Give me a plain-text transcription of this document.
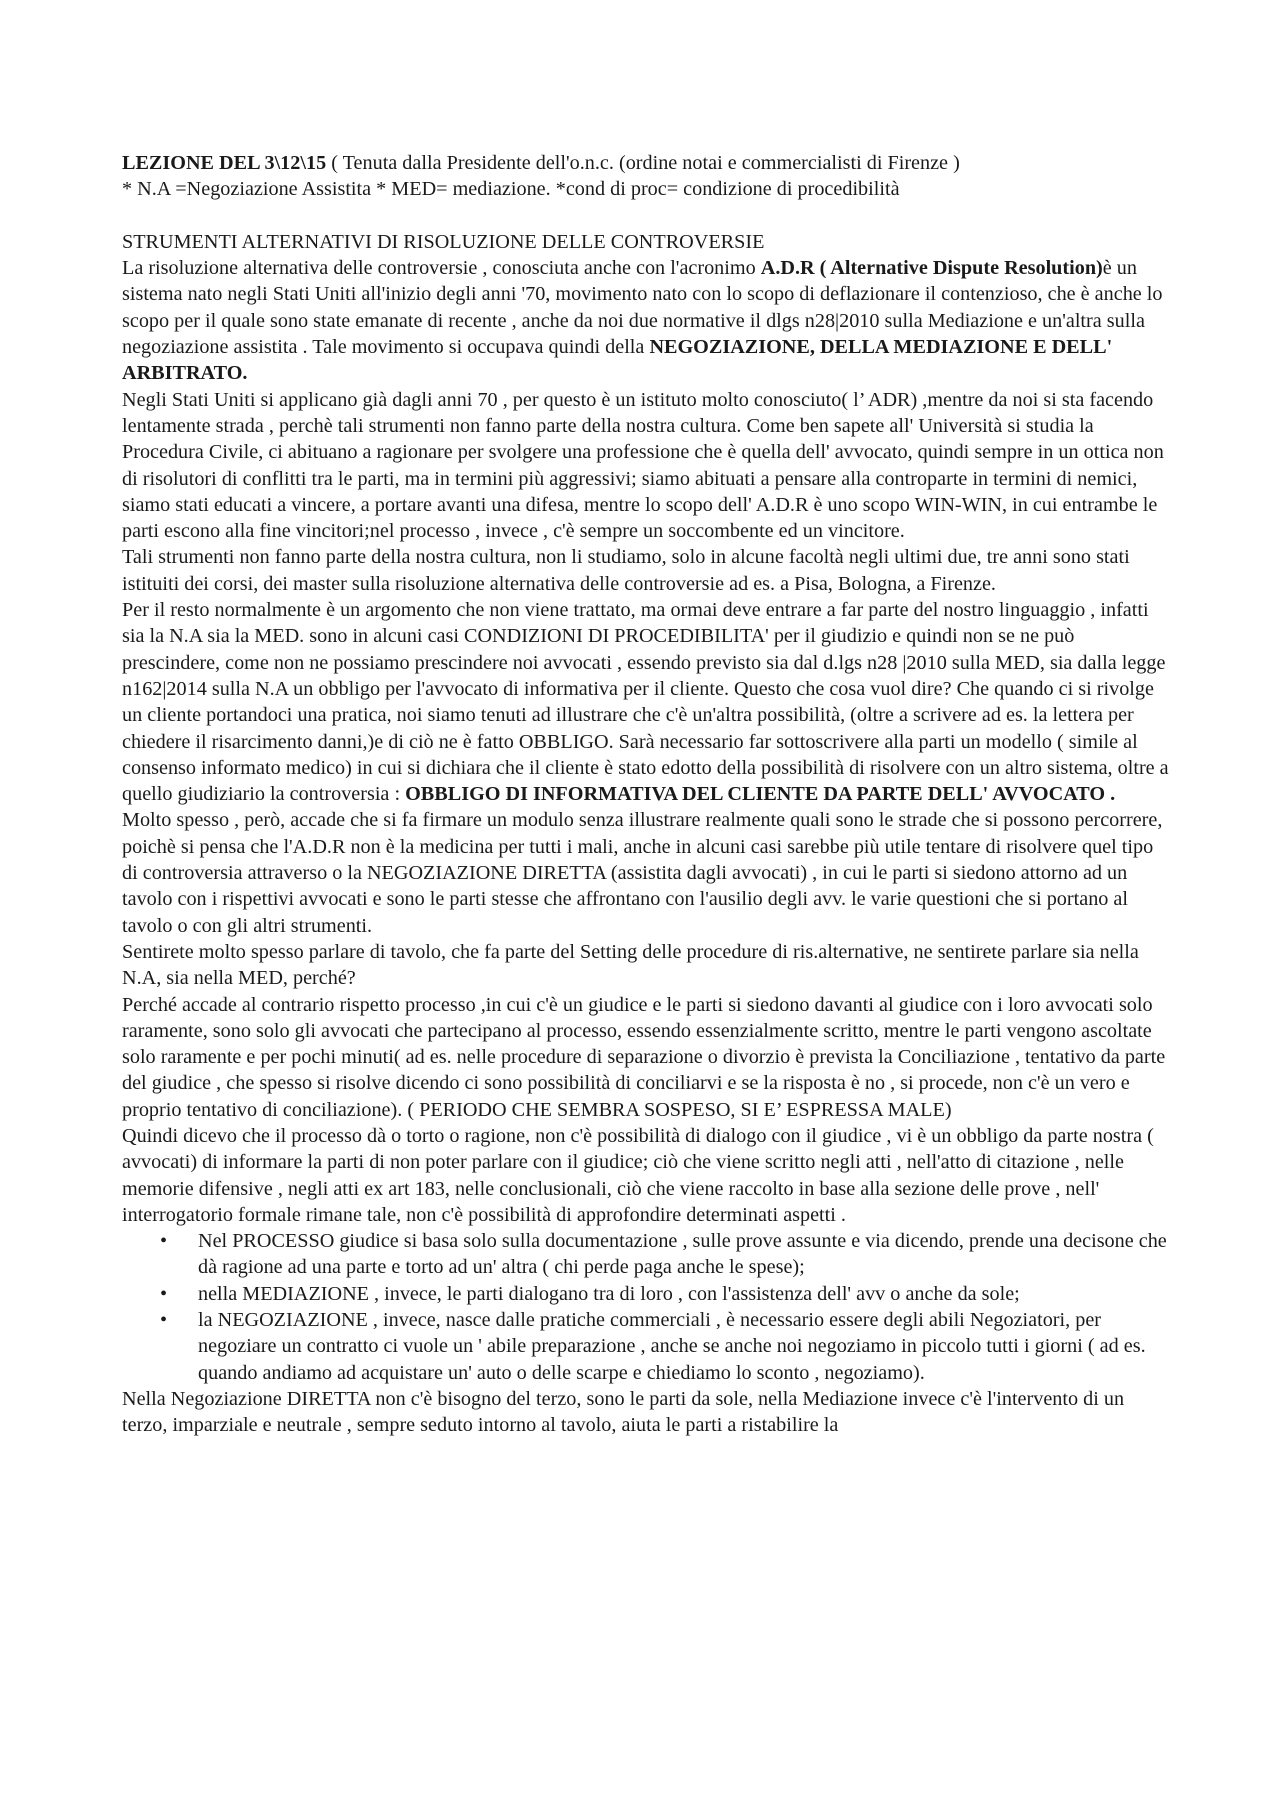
LEZIONE DEL 3\12\15 ( Tenuta dalla Presidente dell'o.n.c. (ordine notai e commercialisti di Firenze )

* N.A =Negoziazione Assistita * MED= mediazione. *cond di proc= condizione di procedibilità

STRUMENTI ALTERNATIVI DI RISOLUZIONE DELLE CONTROVERSIE

La risoluzione alternativa delle controversie , conosciuta anche con l'acronimo A.D.R ( Alternative Dispute Resolution)è un sistema nato negli Stati Uniti all'inizio degli anni '70, movimento nato con lo scopo di deflazionare il contenzioso, che è anche lo scopo per il quale sono state emanate di recente , anche da noi due normative il dlgs n28|2010 sulla Mediazione e un'altra sulla negoziazione assistita . Tale movimento si occupava quindi della NEGOZIAZIONE, DELLA MEDIAZIONE E DELL' ARBITRATO.

Negli Stati Uniti si applicano già dagli anni 70 , per questo è un istituto molto conosciuto( l’ ADR) ,mentre da noi si sta facendo lentamente strada , perchè tali strumenti non fanno parte della nostra cultura. Come ben sapete all' Università si studia la Procedura Civile, ci abituano a ragionare per svolgere una professione che è quella dell' avvocato, quindi sempre in un ottica non di risolutori di conflitti tra le parti, ma in termini più aggressivi; siamo abituati a pensare alla controparte in termini di nemici, siamo stati educati a vincere, a portare avanti una difesa, mentre lo scopo dell' A.D.R è uno scopo WIN-WIN, in cui entrambe le parti escono alla fine vincitori;nel processo , invece , c'è sempre un soccombente ed un vincitore.

Tali strumenti non fanno parte della nostra cultura, non li studiamo, solo in alcune facoltà negli ultimi due, tre anni sono stati istituiti dei corsi, dei master sulla risoluzione alternativa delle controversie ad es. a Pisa, Bologna, a Firenze.

Per il resto normalmente è un argomento che non viene trattato, ma ormai deve entrare a far parte del nostro linguaggio , infatti sia la N.A sia la MED. sono in alcuni casi CONDIZIONI DI PROCEDIBILITA' per il giudizio e quindi non se ne può prescindere, come non ne possiamo prescindere noi avvocati , essendo previsto sia dal d.lgs n28 |2010 sulla MED, sia dalla legge n162|2014 sulla N.A un obbligo per l'avvocato di informativa per il cliente. Questo che cosa vuol dire? Che quando ci si rivolge un cliente portandoci una pratica, noi siamo tenuti ad illustrare che c'è un'altra possibilità, (oltre a scrivere ad es. la lettera per chiedere il risarcimento danni,)e di ciò ne è fatto OBBLIGO. Sarà necessario far sottoscrivere alla parti un modello ( simile al consenso informato medico) in cui si dichiara che il cliente è stato edotto della possibilità di risolvere con un altro sistema, oltre a quello giudiziario la controversia : OBBLIGO DI INFORMATIVA DEL CLIENTE DA PARTE DELL' AVVOCATO .

Molto spesso , però, accade che si fa firmare un modulo senza illustrare realmente quali sono le strade che si possono percorrere, poichè si pensa che l'A.D.R non è la medicina per tutti i mali, anche in alcuni casi sarebbe più utile tentare di risolvere quel tipo di controversia attraverso o la NEGOZIAZIONE DIRETTA (assistita dagli avvocati) , in cui le parti si siedono attorno ad un tavolo con i rispettivi avvocati e sono le parti stesse che affrontano con l'ausilio degli avv. le varie questioni che si portano al tavolo o con gli altri strumenti.

Sentirete molto spesso parlare di tavolo, che fa parte del Setting delle procedure di ris.alternative, ne sentirete parlare sia nella N.A, sia nella MED, perché?

Perché accade al contrario rispetto processo ,in cui c'è un giudice e le parti si siedono davanti al giudice con i loro avvocati solo raramente, sono solo gli avvocati che partecipano al processo, essendo essenzialmente scritto, mentre le parti vengono ascoltate solo raramente e per pochi minuti( ad es. nelle procedure di separazione o divorzio è prevista la Conciliazione , tentativo da parte del giudice , che spesso si risolve dicendo ci sono possibilità di conciliarvi e se la risposta è no , si procede, non c'è un vero e proprio tentativo di conciliazione). ( PERIODO CHE SEMBRA SOSPESO, SI E’ ESPRESSA MALE)

Quindi dicevo che il processo dà o torto o ragione, non c'è possibilità di dialogo con il giudice , vi è un obbligo da parte nostra ( avvocati) di informare la parti di non poter parlare con il giudice; ciò che viene scritto negli atti , nell'atto di citazione , nelle memorie difensive , negli atti ex art 183, nelle conclusionali, ciò che viene raccolto in base alla sezione delle prove , nell' interrogatorio formale rimane tale, non c'è possibilità di approfondire determinati aspetti .

• Nel PROCESSO giudice si basa solo sulla documentazione , sulle prove assunte e via dicendo, prende una decisone che dà ragione ad una parte e torto ad un' altra ( chi perde paga anche le spese);
• nella MEDIAZIONE , invece, le parti dialogano tra di loro , con l'assistenza dell' avv o anche da sole;
• la NEGOZIAZIONE , invece, nasce dalle pratiche commerciali , è necessario essere degli abili Negoziatori, per negoziare un contratto ci vuole un ' abile preparazione , anche se anche noi negoziamo in piccolo tutti i giorni ( ad es. quando andiamo ad acquistare un' auto o delle scarpe e chiediamo lo sconto , negoziamo).

Nella Negoziazione DIRETTA non c'è bisogno del terzo, sono le parti da sole, nella Mediazione invece c'è l'intervento di un terzo, imparziale e neutrale , sempre seduto intorno al tavolo, aiuta le parti a ristabilire la
